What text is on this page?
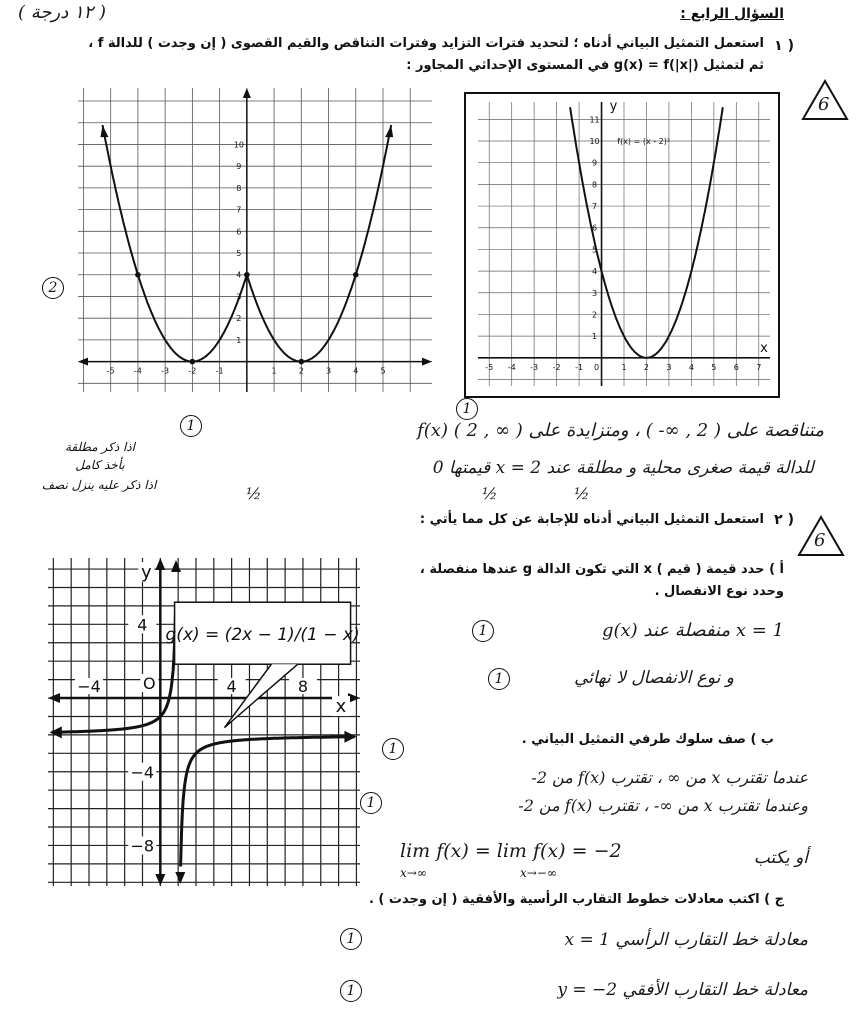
السؤال الرابع :
( ١٢ درجة )
١ )
استعمل التمثيل البياني أدناه ؛ لتحديد فترات التزايد وفترات التناقص والقيم القصوى ( إن وجدت ) للدالة f ،
ثم لتمثيل g(x) = f(|x|) في المستوى الإحداثي المجاور :
6
2
-5 -4 -3 -2 -1	1	2	3	4	5
1
2
3
4
5
6
7
8
9
10
-5 -4 -3 -2 -1 0	1 2 3 4 5 6 7
1
2
3
4
5
6
7
8
9
10
11
y
x
f(x) = (x - 2)²
1
1
f(x) متناقصة على ( 2 , ∞- ) ، ومتزايدة على ( ∞ , 2 )
للدالة قيمة صغرى محلية و مطلقة عند x = 2 قيمتها 0
½	½	½
اذا ذكر مطلقة
بأخذ كامل
اذا ذكر عليه ينزل نصف
٢ )
استعمل التمثيل البياني أدناه للإجابة عن كل مما يأتي :
6
−4	4	8
4
−4
−8
O
y
x
g(x) = (2x − 1)/(1 − x)
أ ) حدد قيمة ( قيم ) x التي تكون الدالة g عندها منفصلة ،
وحدد نوع الانفصال .
g(x) منفصلة عند x = 1
1
و نوع الانفصال لا نهائي
1
ب ) صف سلوك طرفي التمثيل البياني .
1
عندما تقترب x من ∞ ، تقترب f(x) من 2-
1	وعندما تقترب x من ∞- ، تقترب f(x) من 2-
أو يكتب
lim f(x) = lim f(x) = −2
x→∞	x→−∞
ج ) اكتب معادلات خطوط التقارب الرأسية والأفقية ( إن وجدت ) .
معادلة خط التقارب الرأسي x = 1
1
معادلة خط التقارب الأفقي y = −2
1
